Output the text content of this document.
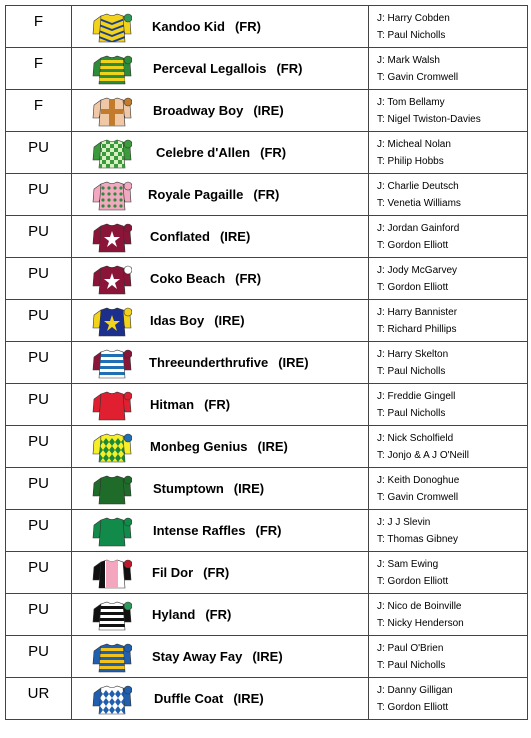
F	Kandoo Kid (FR)	J: Harry Cobden
T: Paul Nicholls

F	Perceval Legallois (FR)	J: Mark Walsh
T: Gavin Cromwell

F	Broadway Boy (IRE)	J: Tom Bellamy
T: Nigel Twiston-Davies

PU	Celebre d'Allen (FR)	J: Micheal Nolan
T: Philip Hobbs

PU	Royale Pagaille (FR)	J: Charlie Deutsch
T: Venetia Williams

PU	Conflated (IRE)	J: Jordan Gainford
T: Gordon Elliott

PU	Coko Beach (FR)	J: Jody McGarvey
T: Gordon Elliott

PU	Idas Boy (IRE)	J: Harry Bannister
T: Richard Phillips

PU	Threeunderthrufive (IRE)	J: Harry Skelton
T: Paul Nicholls

PU	Hitman (FR)	J: Freddie Gingell
T: Paul Nicholls

PU	Monbeg Genius (IRE)	J: Nick Scholfield
T: Jonjo & A J O'Neill

PU	Stumptown (IRE)	J: Keith Donoghue
T: Gavin Cromwell

PU	Intense Raffles (FR)	J: J J Slevin
T: Thomas Gibney

PU	Fil Dor (FR)	J: Sam Ewing
T: Gordon Elliott

PU	Hyland (FR)	J: Nico de Boinville
T: Nicky Henderson

PU	Stay Away Fay (IRE)	J: Paul O'Brien
T: Paul Nicholls

UR	Duffle Coat (IRE)	J: Danny Gilligan
T: Gordon Elliott
